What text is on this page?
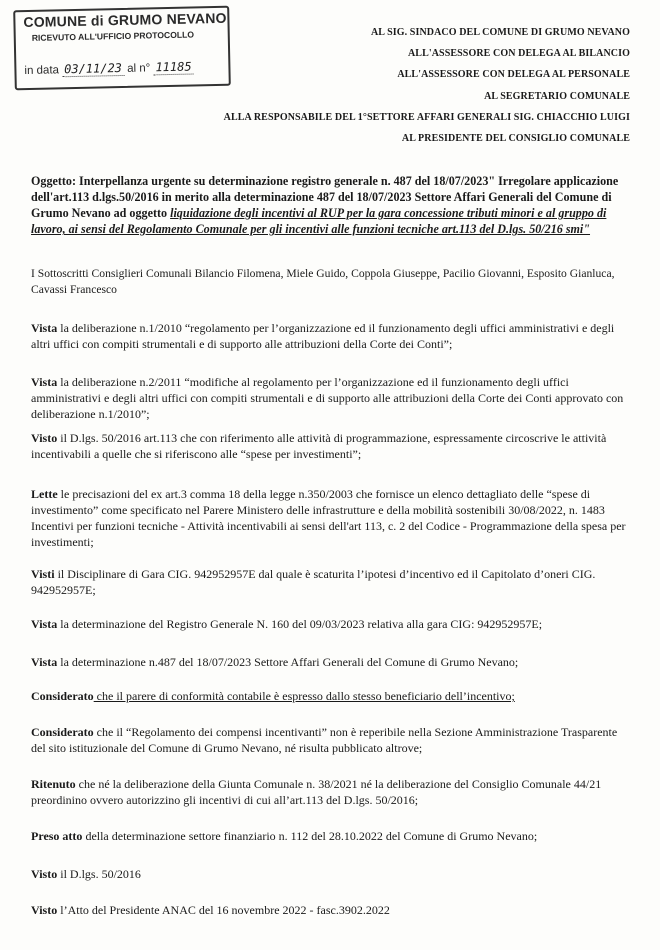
COMUNE di GRUMO NEVANO
RICEVUTO ALL'UFFICIO PROTOCOLLO
in data 03/11/23 al n° 11185
AL SIG. SINDACO DEL COMUNE DI GRUMO NEVANO
ALL'ASSESSORE CON DELEGA AL BILANCIO
ALL'ASSESSORE CON DELEGA AL PERSONALE
AL SEGRETARIO COMUNALE
ALLA RESPONSABILE DEL 1°SETTORE AFFARI GENERALI SIG. CHIACCHIO LUIGI
AL PRESIDENTE DEL CONSIGLIO COMUNALE
Oggetto: Interpellanza urgente su determinazione registro generale n. 487 del 18/07/2023" Irregolare applicazione dell'art.113 d.lgs.50/2016 in merito alla determinazione 487 del 18/07/2023 Settore Affari Generali del Comune di Grumo Nevano ad oggetto liquidazione degli incentivi al RUP per la gara concessione tributi minori e al gruppo di lavoro, ai sensi del Regolamento Comunale per gli incentivi alle funzioni tecniche art.113 del D.lgs. 50/216 smi"

I Sottoscritti Consiglieri Comunali Bilancio Filomena, Miele Guido, Coppola Giuseppe, Pacilio Giovanni, Esposito Gianluca, Cavassi Francesco

Vista la deliberazione n.1/2010 “regolamento per l’organizzazione ed il funzionamento degli uffici amministrativi e degli altri uffici con compiti strumentali e di supporto alle attribuzioni della Corte dei Conti”;

Vista la deliberazione n.2/2011 “modifiche al regolamento per l’organizzazione ed il funzionamento degli uffici amministrativi e degli altri uffici con compiti strumentali e di supporto alle attribuzioni della Corte dei Conti approvato con deliberazione n.1/2010”;

Visto il D.lgs. 50/2016 art.113 che con riferimento alle attività di programmazione, espressamente circoscrive le attività incentivabili a quelle che si riferiscono alle “spese per investimenti”;

Lette le precisazioni del ex art.3 comma 18 della legge n.350/2003 che fornisce un elenco dettagliato delle “spese di investimento” come specificato nel Parere Ministero delle infrastrutture e della mobilità sostenibili 30/08/2022, n. 1483 Incentivi per funzioni tecniche - Attività incentivabili ai sensi dell'art 113, c. 2 del Codice - Programmazione della spesa per investimenti;

Visti il Disciplinare di Gara CIG. 942952957E dal quale è scaturita l’ipotesi d’incentivo ed il Capitolato d’oneri CIG. 942952957E;

Vista la determinazione del Registro Generale N. 160 del 09/03/2023 relativa alla gara CIG: 942952957E;

Vista la determinazione n.487 del 18/07/2023 Settore Affari Generali del Comune di Grumo Nevano;

Considerato che il parere di conformità contabile è espresso dallo stesso beneficiario dell’incentivo;

Considerato che il “Regolamento dei compensi incentivanti” non è reperibile nella Sezione Amministrazione Trasparente del sito istituzionale del Comune di Grumo Nevano, né risulta pubblicato altrove;

Ritenuto che né la deliberazione della Giunta Comunale n. 38/2021 né la deliberazione del Consiglio Comunale 44/21 preordinino ovvero autorizzino gli incentivi di cui all’art.113 del D.lgs. 50/2016;

Preso atto della determinazione settore finanziario n. 112 del 28.10.2022 del Comune di Grumo Nevano;

Visto il D.lgs. 50/2016

Visto l’Atto del Presidente ANAC del 16 novembre 2022 - fasc.3902.2022
